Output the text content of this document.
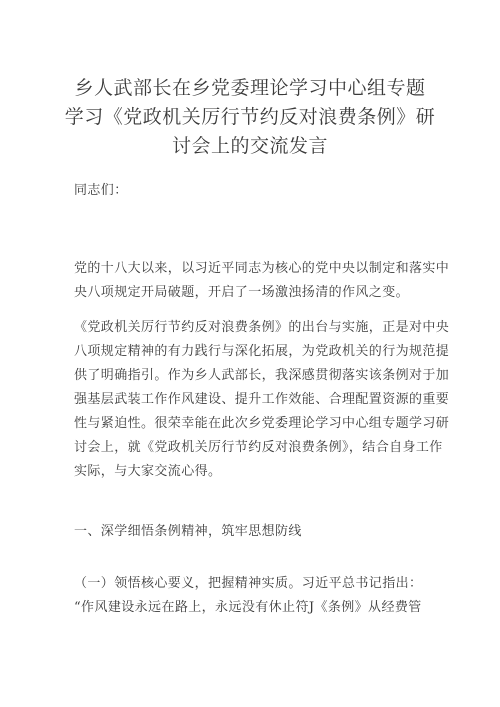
乡人武部长在乡党委理论学习中心组专题
学习《党政机关厉行节约反对浪费条例》研
讨会上的交流发言
同志们：
党的十八大以来，以习近平同志为核心的党中央以制定和落实中
央八项规定开局破题，开启了一场激浊扬清的作风之变。
《党政机关厉行节约反对浪费条例》的出台与实施，正是对中央
八项规定精神的有力践行与深化拓展，为党政机关的行为规范提
供了明确指引。作为乡人武部长，我深感贯彻落实该条例对于加
强基层武装工作作风建设、提升工作效能、合理配置资源的重要
性与紧迫性。很荣幸能在此次乡党委理论学习中心组专题学习研
讨会上，就《党政机关厉行节约反对浪费条例》，结合自身工作
实际，与大家交流心得。
一、深学细悟条例精神，筑牢思想防线
（一）领悟核心要义，把握精神实质。习近平总书记指出：
“作风建设永远在路上，永远没有休止符J《条例》从经费管
